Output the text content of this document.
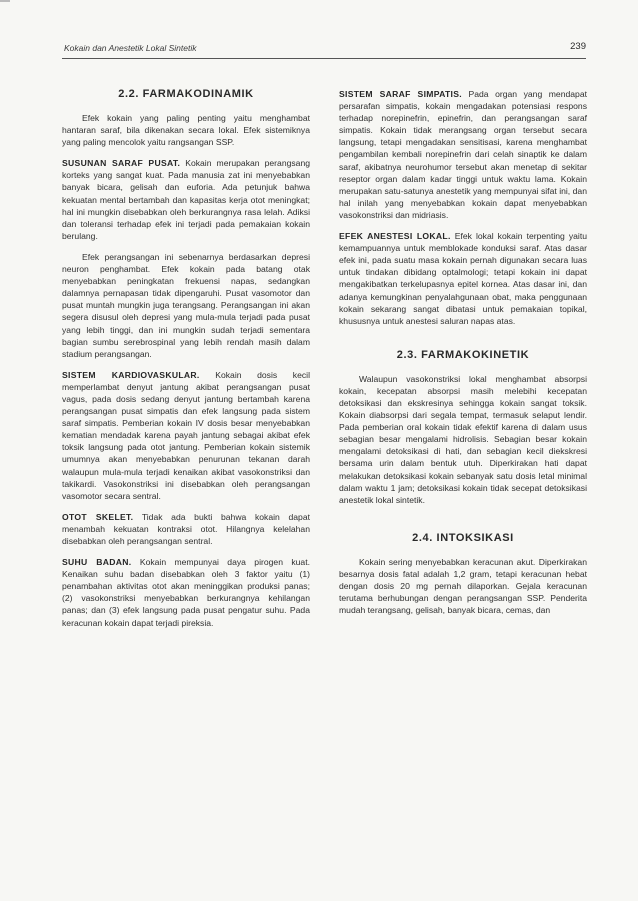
Kokain dan Anestetik Lokal Sintetik	239
2.2. FARMAKODINAMIK

Efek kokain yang paling penting yaitu menghambat hantaran saraf, bila dikenakan secara lokal. Efek sistemiknya yang paling mencolok yaitu rangsangan SSP.

SUSUNAN SARAF PUSAT. Kokain merupakan perangsang korteks yang sangat kuat. Pada manusia zat ini menyebabkan banyak bicara, gelisah dan euforia. Ada petunjuk bahwa kekuatan mental bertambah dan kapasitas kerja otot meningkat; hal ini mungkin disebabkan oleh berkurangnya rasa lelah. Adiksi dan toleransi terhadap efek ini terjadi pada pemakaian kokain berulang.

Efek perangsangan ini sebenarnya berdasarkan depresi neuron penghambat. Efek kokain pada batang otak menyebabkan peningkatan frekuensi napas, sedangkan dalamnya pernapasan tidak dipengaruhi. Pusat vasomotor dan pusat muntah mungkin juga terangsang. Perangsangan ini akan segera disusul oleh depresi yang mula-mula terjadi pada pusat yang lebih tinggi, dan ini mungkin sudah terjadi sementara bagian sumbu serebrospinal yang lebih rendah masih dalam stadium perangsangan.

SISTEM KARDIOVASKULAR. Kokain dosis kecil memperlambat denyut jantung akibat perangsangan pusat vagus, pada dosis sedang denyut jantung bertambah karena perangsangan pusat simpatis dan efek langsung pada sistem saraf simpatis. Pemberian kokain IV dosis besar menyebabkan kematian mendadak karena payah jantung sebagai akibat efek toksik langsung pada otot jantung. Pemberian kokain sistemik umumnya akan menyebabkan penurunan tekanan darah walaupun mula-mula terjadi kenaikan akibat vasokonstriksi dan takikardi. Vasokonstriksi ini disebabkan oleh perangsangan vasomotor secara sentral.

OTOT SKELET. Tidak ada bukti bahwa kokain dapat menambah kekuatan kontraksi otot. Hilangnya kelelahan disebabkan oleh perangsangan sentral.

SUHU BADAN. Kokain mempunyai daya pirogen kuat. Kenaikan suhu badan disebabkan oleh 3 faktor yaitu (1) penambahan aktivitas otot akan meninggikan produksi panas; (2) vasokonstriksi menyebabkan berkurangnya kehilangan panas; dan (3) efek langsung pada pusat pengatur suhu. Pada keracunan kokain dapat terjadi pireksia.

SISTEM SARAF SIMPATIS. Pada organ yang mendapat persarafan simpatis, kokain mengadakan potensiasi respons terhadap norepinefrin, epinefrin, dan perangsangan saraf simpatis. Kokain tidak merangsang organ tersebut secara langsung, tetapi mengadakan sensitisasi, karena menghambat pengambilan kembali norepinefrin dari celah sinaptik ke dalam saraf, akibatnya neurohumor tersebut akan menetap di sekitar reseptor organ dalam kadar tinggi untuk waktu lama. Kokain merupakan satu-satunya anestetik yang mempunyai sifat ini, dan hal inilah yang menyebabkan kokain dapat menyebabkan vasokonstriksi dan midriasis.

EFEK ANESTESI LOKAL. Efek lokal kokain terpenting yaitu kemampuannya untuk memblokade konduksi saraf. Atas dasar efek ini, pada suatu masa kokain pernah digunakan secara luas untuk tindakan dibidang optalmologi; tetapi kokain ini dapat mengakibatkan terkelupasnya epitel kornea. Atas dasar ini, dan adanya kemungkinan penyalahgunaan obat, maka penggunaan kokain sekarang sangat dibatasi untuk pemakaian topikal, khususnya untuk anestesi saluran napas atas.

2.3. FARMAKOKINETIK

Walaupun vasokonstriksi lokal menghambat absorpsi kokain, kecepatan absorpsi masih melebihi kecepatan detoksikasi dan ekskresinya sehingga kokain sangat toksik. Kokain diabsorpsi dari segala tempat, termasuk selaput lendir. Pada pemberian oral kokain tidak efektif karena di dalam usus sebagian besar mengalami hidrolisis. Sebagian besar kokain mengalami detoksikasi di hati, dan sebagian kecil diekskresi bersama urin dalam bentuk utuh. Diperkirakan hati dapat melakukan detoksikasi kokain sebanyak satu dosis letal minimal dalam waktu 1 jam; detoksikasi kokain tidak secepat detoksikasi anestetik lokal sintetik.

2.4. INTOKSIKASI

Kokain sering menyebabkan keracunan akut. Diperkirakan besarnya dosis fatal adalah 1,2 gram, tetapi keracunan hebat dengan dosis 20 mg pernah dilaporkan. Gejala keracunan terutama berhubungan dengan perangsangan SSP. Penderita mudah terangsang, gelisah, banyak bicara, cemas, dan
